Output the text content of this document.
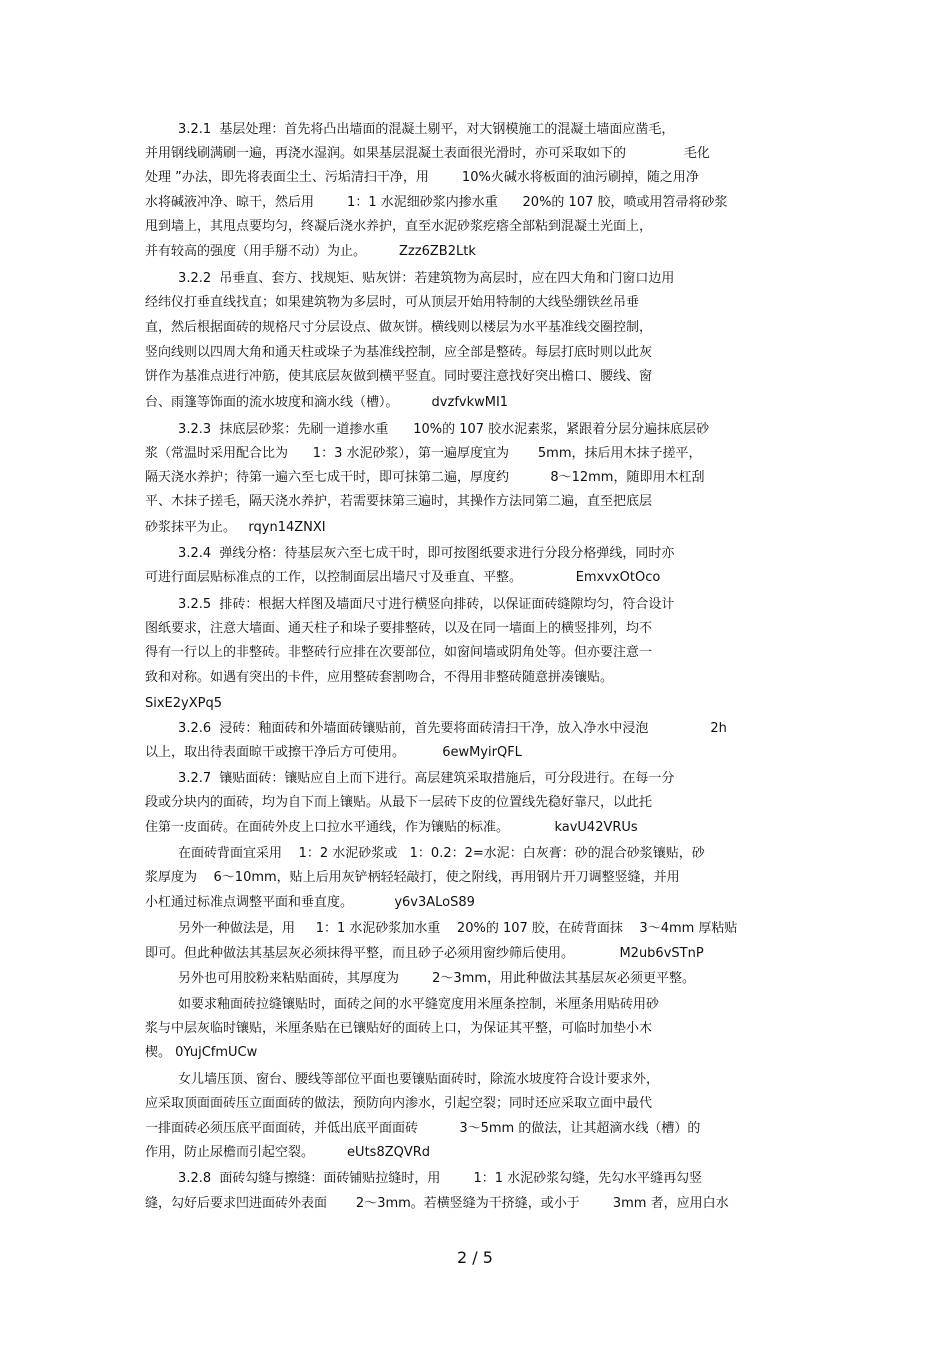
3.2.1  基层处理：首先将凸出墙面的混凝土剔平，对大钢模施工的混凝土墙面应凿毛，
并用钢线刷满刷一遍，再浇水湿润。如果基层混凝土表面很光滑时，亦可采取如下的              毛化
处理 ”办法，即先将表面尘土、污垢清扫干净，用        10%火碱水将板面的油污刷掉，随之用净
水将碱液冲净、晾干，然后用        1：1 水泥细砂浆内掺水重      20%的 107 胶，喷或用笤帚将砂浆
甩到墙上，其甩点要均匀，终凝后浇水养护，直至水泥砂浆疙瘩全部粘到混凝土光面上，
并有较高的强度（用手掰不动）为止。        Zzz6ZB2Ltk
3.2.2  吊垂直、套方、找规矩、贴灰饼：若建筑物为高层时，应在四大角和门窗口边用
经纬仪打垂直线找直；如果建筑物为多层时，可从顶层开始用特制的大线坠绷铁丝吊垂
直，然后根据面砖的规格尺寸分层设点、做灰饼。横线则以楼层为水平基准线交圈控制，
竖向线则以四周大角和通天柱或垛子为基准线控制，应全部是整砖。每层打底时则以此灰
饼作为基准点进行冲筋，使其底层灰做到横平竖直。同时要注意找好突出檐口、腰线、窗
台、雨篷等饰面的流水坡度和滴水线（槽）。        dvzfvkwMI1
3.2.3  抹底层砂浆：先刷一道掺水重      10%的 107 胶水泥素浆，紧跟着分层分遍抹底层砂
浆（常温时采用配合比为      1：3 水泥砂浆），第一遍厚度宜为       5mm，抹后用木抹子搓平，
隔天浇水养护；待第一遍六至七成干时，即可抹第二遍，厚度约          8～12mm，随即用木杠刮
平、木抹子搓毛，隔天浇水养护，若需要抹第三遍时，其操作方法同第二遍，直至把底层
砂浆抹平为止。   rqyn14ZNXI
3.2.4  弹线分格：待基层灰六至七成干时，即可按图纸要求进行分段分格弹线，同时亦
可进行面层贴标准点的工作，以控制面层出墙尺寸及垂直、平整。             EmxvxOtOco
3.2.5  排砖：根据大样图及墙面尺寸进行横竖向排砖，以保证面砖缝隙均匀，符合设计
图纸要求，注意大墙面、通天柱子和垛子要排整砖，以及在同一墙面上的横竖排列，均不
得有一行以上的非整砖。非整砖行应排在次要部位，如窗间墙或阴角处等。但亦要注意一
致和对称。如遇有突出的卡件，应用整砖套割吻合，不得用非整砖随意拼凑镶贴。
SixE2yXPq5
3.2.6  浸砖：釉面砖和外墙面砖镶贴前，首先要将面砖清扫干净，放入净水中浸泡               2h
以上，取出待表面晾干或擦干净后方可使用。         6ewMyirQFL
3.2.7  镶贴面砖：镶贴应自上而下进行。高层建筑采取措施后，可分段进行。在每一分
段或分块内的面砖，均为自下而上镶贴。从最下一层砖下皮的位置线先稳好靠尺，以此托
住第一皮面砖。在面砖外皮上口拉水平通线，作为镶贴的标准。           kavU42VRUs
在面砖背面宜采用    1：2 水泥砂浆或   1：0.2：2=水泥：白灰膏：砂的混合砂浆镶贴，砂
浆厚度为    6～10mm，贴上后用灰铲柄轻轻敲打，使之附线，再用钢片开刀调整竖缝，并用
小杠通过标准点调整平面和垂直度。          y6v3ALoS89
另外一种做法是，用     1：1 水泥砂浆加水重    20%的 107 胶，在砖背面抹    3～4mm 厚粘贴
即可。但此种做法其基层灰必须抹得平整，而且砂子必须用窗纱筛后使用。           M2ub6vSTnP
另外也可用胶粉来粘贴面砖，其厚度为        2～3mm，用此种做法其基层灰必须更平整。
如要求釉面砖拉缝镶贴时，面砖之间的水平缝宽度用米厘条控制，米厘条用贴砖用砂
浆与中层灰临时镶贴，米厘条贴在已镶贴好的面砖上口，为保证其平整，可临时加垫小木
楔。 0YujCfmUCw
女儿墙压顶、窗台、腰线等部位平面也要镶贴面砖时，除流水坡度符合设计要求外，
应采取顶面面砖压立面面砖的做法，预防向内渗水，引起空裂；同时还应采取立面中最代
一排面砖必须压底平面面砖，并低出底平面面砖          3～5mm 的做法，让其超滴水线（槽）的
作用，防止尿檐而引起空裂。        eUts8ZQVRd
3.2.8  面砖勾缝与擦缝：面砖铺贴拉缝时，用        1：1 水泥砂浆勾缝，先勾水平缝再勾竖
缝，勾好后要求凹进面砖外表面       2～3mm。若横竖缝为干挤缝，或小于        3mm 者，应用白水
2 / 5
